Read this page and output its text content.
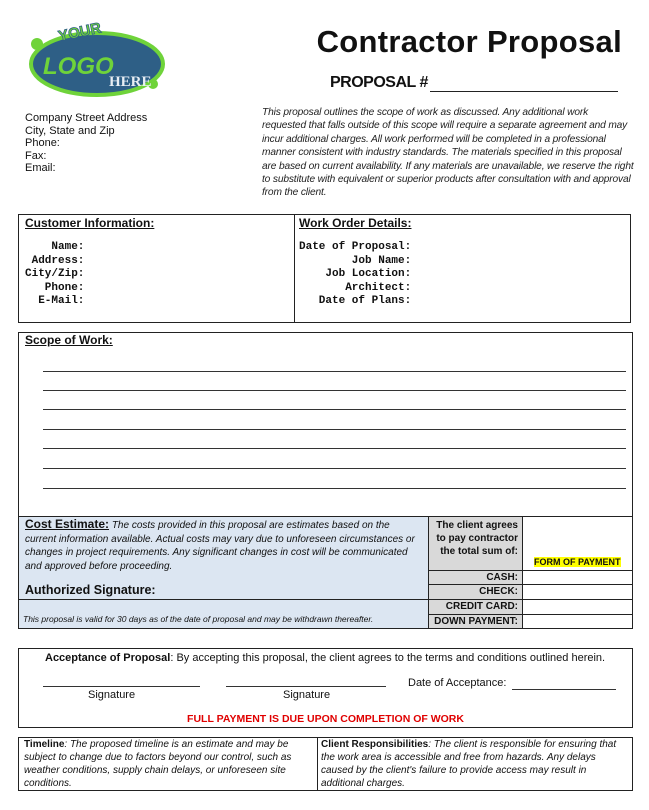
YOUR
LOGO
HERE
Contractor Proposal
PROPOSAL #
Company Street Address
City, State and Zip
Phone:
Fax:
Email:
This proposal outlines the scope of work as discussed. Any additional work requested that falls outside of this scope will require a separate agreement and may incur additional charges. All work performed will be completed in a professional manner consistent with industry standards. The materials specified in this proposal are based on current availability. If any materials are unavailable, we reserve the right to substitute with equivalent or superior products after consultation with and approval from the client.
Customer Information:
Name:
Address:
City/Zip:
Phone:
E-Mail:
Work Order Details:
Date of Proposal:
Job Name:
Job Location:
Architect:
Date of Plans:
Scope of Work:
Cost Estimate: The costs provided in this proposal are estimates based on the current information available. Actual costs may vary due to unforeseen circumstances or changes in project requirements. Any significant changes in cost will be communicated and approved before proceeding.
Authorized Signature:
This proposal is valid for 30 days as of the date of proposal and may be withdrawn thereafter.
The client agrees to pay contractor the total sum of:
FORM OF PAYMENT
CASH:
CHECK:
CREDIT CARD:
DOWN PAYMENT:
Acceptance of Proposal: By accepting this proposal, the client agrees to the terms and conditions outlined herein.
Signature	Signature
Date of Acceptance:
FULL PAYMENT IS DUE UPON COMPLETION OF WORK
Timeline: The proposed timeline is an estimate and may be subject to change due to factors beyond our control, such as weather conditions, supply chain delays, or unforeseen site conditions.
Client Responsibilities: The client is responsible for ensuring that the work area is accessible and free from hazards. Any delays caused by the client's failure to provide access may result in additional charges.
